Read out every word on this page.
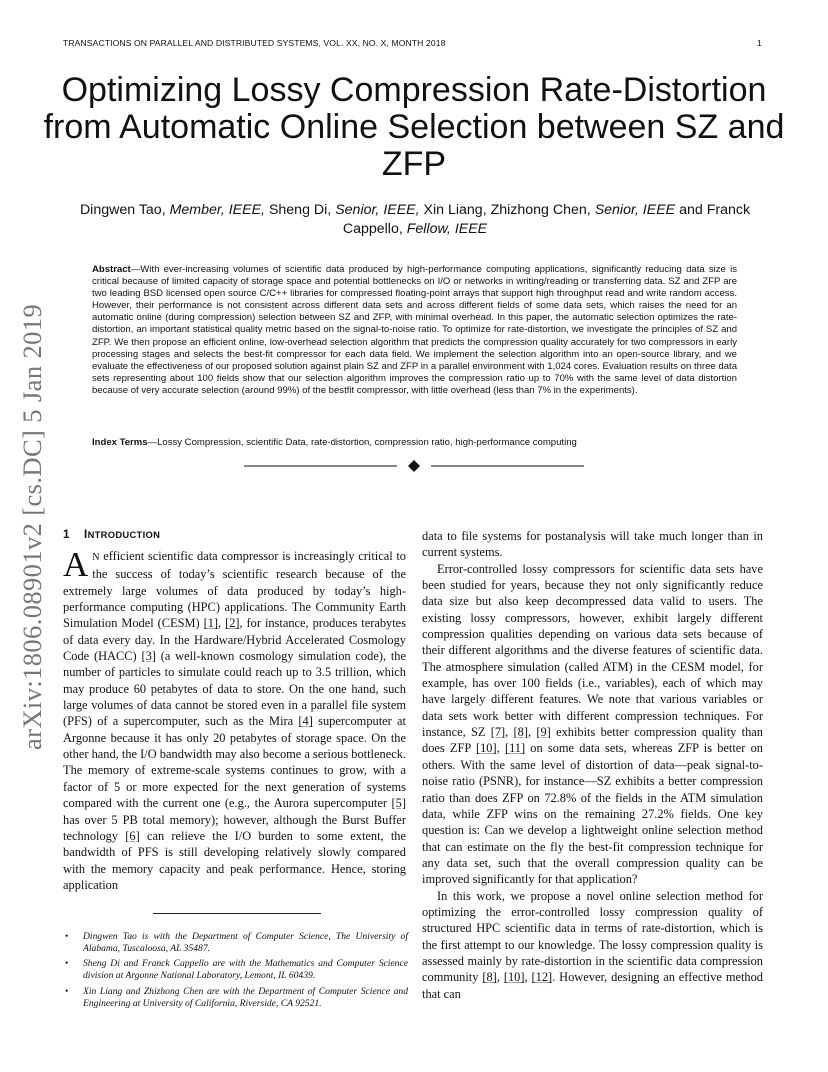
TRANSACTIONS ON PARALLEL AND DISTRIBUTED SYSTEMS, VOL. XX, NO. X, MONTH 2018	1
arXiv:1806.08901v2 [cs.DC] 5 Jan 2019
Optimizing Lossy Compression Rate-Distortion from Automatic Online Selection between SZ and ZFP
Dingwen Tao, Member, IEEE, Sheng Di, Senior, IEEE, Xin Liang, Zhizhong Chen, Senior, IEEE and Franck Cappello, Fellow, IEEE
Abstract—With ever-increasing volumes of scientific data produced by high-performance computing applications, significantly reducing data size is critical because of limited capacity of storage space and potential bottlenecks on I/O or networks in writing/reading or transferring data. SZ and ZFP are two leading BSD licensed open source C/C++ libraries for compressed floating-point arrays that support high throughput read and write random access. However, their performance is not consistent across different data sets and across different fields of some data sets, which raises the need for an automatic online (during compression) selection between SZ and ZFP, with minimal overhead. In this paper, the automatic selection optimizes the rate-distortion, an important statistical quality metric based on the signal-to-noise ratio. To optimize for rate-distortion, we investigate the principles of SZ and ZFP. We then propose an efficient online, low-overhead selection algorithm that predicts the compression quality accurately for two compressors in early processing stages and selects the best-fit compressor for each data field. We implement the selection algorithm into an open-source library, and we evaluate the effectiveness of our proposed solution against plain SZ and ZFP in a parallel environment with 1,024 cores. Evaluation results on three data sets representing about 100 fields show that our selection algorithm improves the compression ratio up to 70% with the same level of data distortion because of very accurate selection (around 99%) of the bestfit compressor, with little overhead (less than 7% in the experiments).
Index Terms—Lossy Compression, scientific Data, rate-distortion, compression ratio, high-performance computing
1 INTRODUCTION

A N efficient scientific data compressor is increasingly critical to the success of today’s scientific research because of the extremely large volumes of data produced by today’s high-performance computing (HPC) applications. The Community Earth Simulation Model (CESM) [1], [2], for instance, produces terabytes of data every day. In the Hardware/Hybrid Accelerated Cosmology Code (HACC) [3] (a well-known cosmology simulation code), the number of particles to simulate could reach up to 3.5 trillion, which may produce 60 petabytes of data to store. On the one hand, such large volumes of data cannot be stored even in a parallel file system (PFS) of a supercomputer, such as the Mira [4] supercomputer at Argonne because it has only 20 petabytes of storage space. On the other hand, the I/O bandwidth may also become a serious bottleneck. The memory of extreme-scale systems continues to grow, with a factor of 5 or more expected for the next generation of systems compared with the current one (e.g., the Aurora supercomputer [5] has over 5 PB total memory); however, although the Burst Buffer technology [6] can relieve the I/O burden to some extent, the bandwidth of PFS is still developing relatively slowly compared with the memory capacity and peak performance. Hence, storing application

data to file systems for postanalysis will take much longer than in current systems.

Error-controlled lossy compressors for scientific data sets have been studied for years, because they not only significantly reduce data size but also keep decompressed data valid to users. The existing lossy compressors, however, exhibit largely different compression qualities depending on various data sets because of their different algorithms and the diverse features of scientific data. The atmosphere simulation (called ATM) in the CESM model, for example, has over 100 fields (i.e., variables), each of which may have largely different features. We note that various variables or data sets work better with different compression techniques. For instance, SZ [7], [8], [9] exhibits better compression quality than does ZFP [10], [11] on some data sets, whereas ZFP is better on others. With the same level of distortion of data—peak signal-to-noise ratio (PSNR), for instance—SZ exhibits a better compression ratio than does ZFP on 72.8% of the fields in the ATM simulation data, while ZFP wins on the remaining 27.2% fields. One key question is: Can we develop a lightweight online selection method that can estimate on the fly the best-fit compression technique for any data set, such that the overall compression quality can be improved significantly for that application?

In this work, we propose a novel online selection method for optimizing the error-controlled lossy compression quality of structured HPC scientific data in terms of rate-distortion, which is the first attempt to our knowledge. The lossy compression quality is assessed mainly by rate-distortion in the scientific data compression community [8], [10], [12]. However, designing an effective method that can

• Dingwen Tao is with the Department of Computer Science, The University of Alabama, Tuscaloosa, AL 35487.
• Sheng Di and Franck Cappello are with the Mathematics and Computer Science division at Argonne National Laboratory, Lemont, IL 60439.
• Xin Liang and Zhizhong Chen are with the Department of Computer Science and Engineering at University of California, Riverside, CA 92521.
